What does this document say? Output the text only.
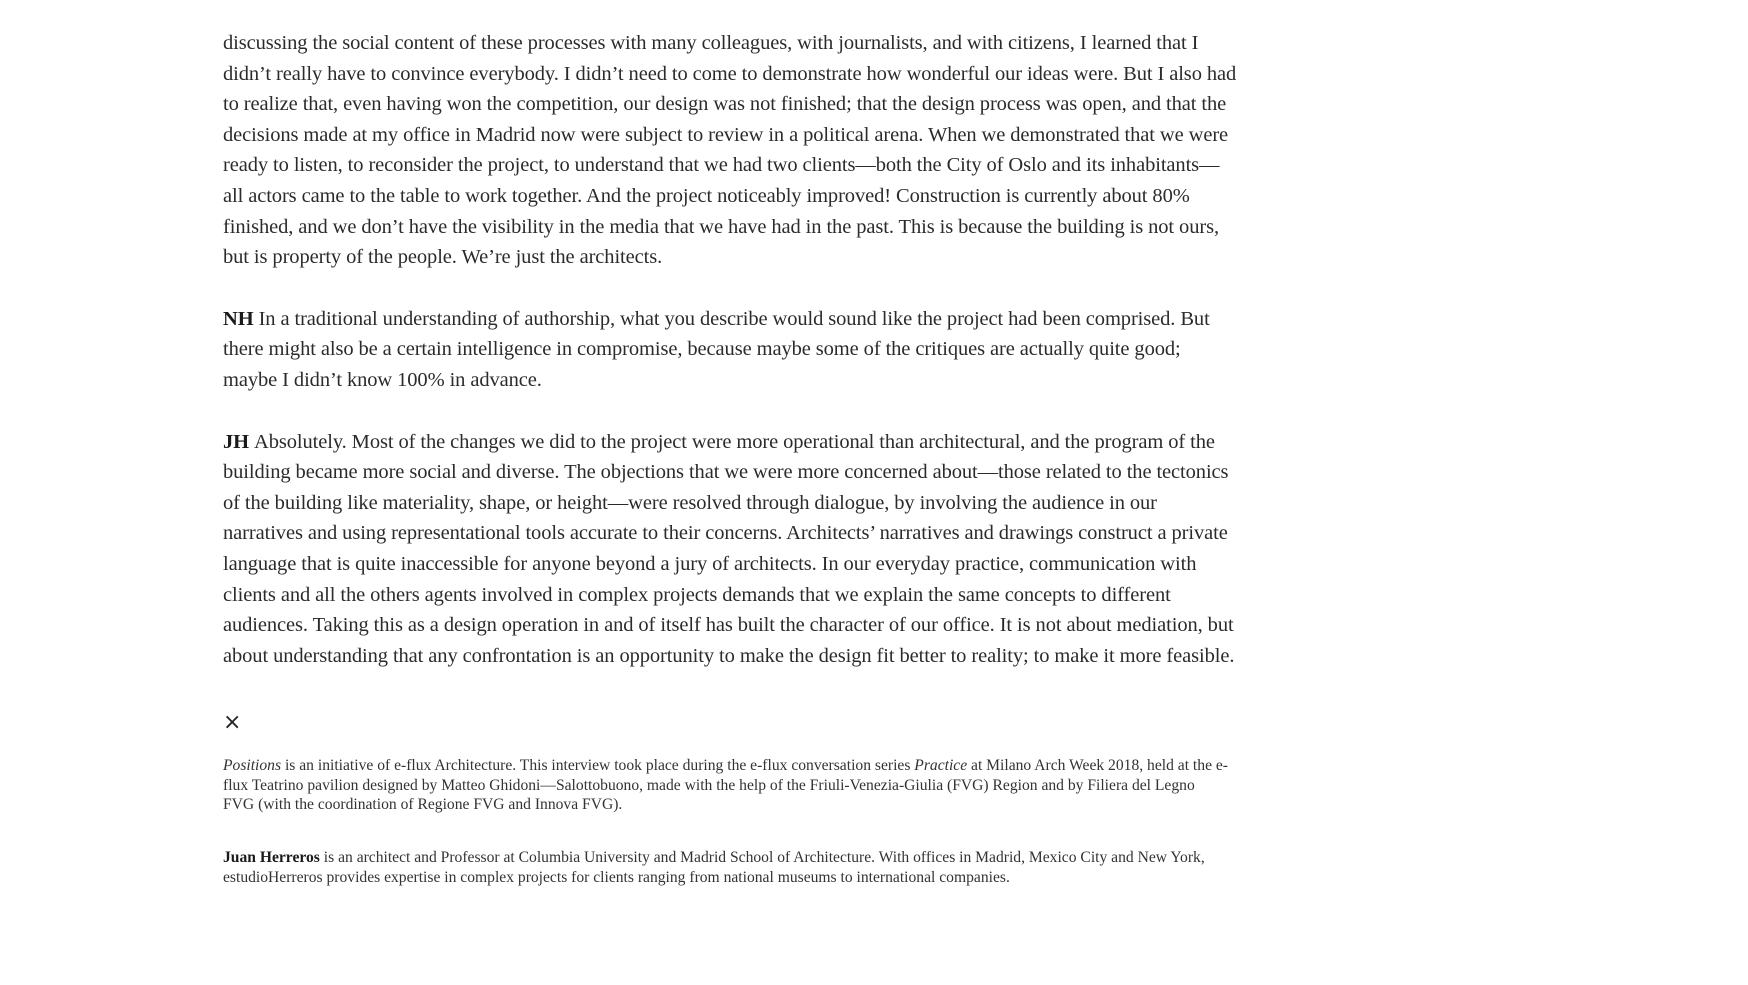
discussing the social content of these processes with many colleagues, with journalists, and with citizens, I learned that I didn’t really have to convince everybody. I didn’t need to come to demonstrate how wonderful our ideas were. But I also had to realize that, even having won the competition, our design was not finished; that the design process was open, and that the decisions made at my office in Madrid now were subject to review in a political arena. When we demonstrated that we were ready to listen, to reconsider the project, to understand that we had two clients—both the City of Oslo and its inhabitants—all actors came to the table to work together. And the project noticeably improved! Construction is currently about 80% finished, and we don’t have the visibility in the media that we have had in the past. This is because the building is not ours, but is property of the people. We’re just the architects.

NH In a traditional understanding of authorship, what you describe would sound like the project had been comprised. But there might also be a certain intelligence in compromise, because maybe some of the critiques are actually quite good; maybe I didn’t know 100% in advance.

JH Absolutely. Most of the changes we did to the project were more operational than architectural, and the program of the building became more social and diverse. The objections that we were more concerned about—those related to the tectonics of the building like materiality, shape, or height—were resolved through dialogue, by involving the audience in our narratives and using representational tools accurate to their concerns. Architects’ narratives and drawings construct a private language that is quite inaccessible for anyone beyond a jury of architects. In our everyday practice, communication with clients and all the others agents involved in complex projects demands that we explain the same concepts to different audiences. Taking this as a design operation in and of itself has built the character of our office. It is not about mediation, but about understanding that any confrontation is an opportunity to make the design fit better to reality; to make it more feasible.

×

Positions is an initiative of e-flux Architecture. This interview took place during the e-flux conversation series Practice at Milano Arch Week 2018, held at the e-flux Teatrino pavilion designed by Matteo Ghidoni—Salottobuono, made with the help of the Friuli-Venezia-Giulia (FVG) Region and by Filiera del Legno FVG (with the coordination of Regione FVG and Innova FVG).

Juan Herreros is an architect and Professor at Columbia University and Madrid School of Architecture. With offices in Madrid, Mexico City and New York, estudioHerreros provides expertise in complex projects for clients ranging from national museums to international companies.
